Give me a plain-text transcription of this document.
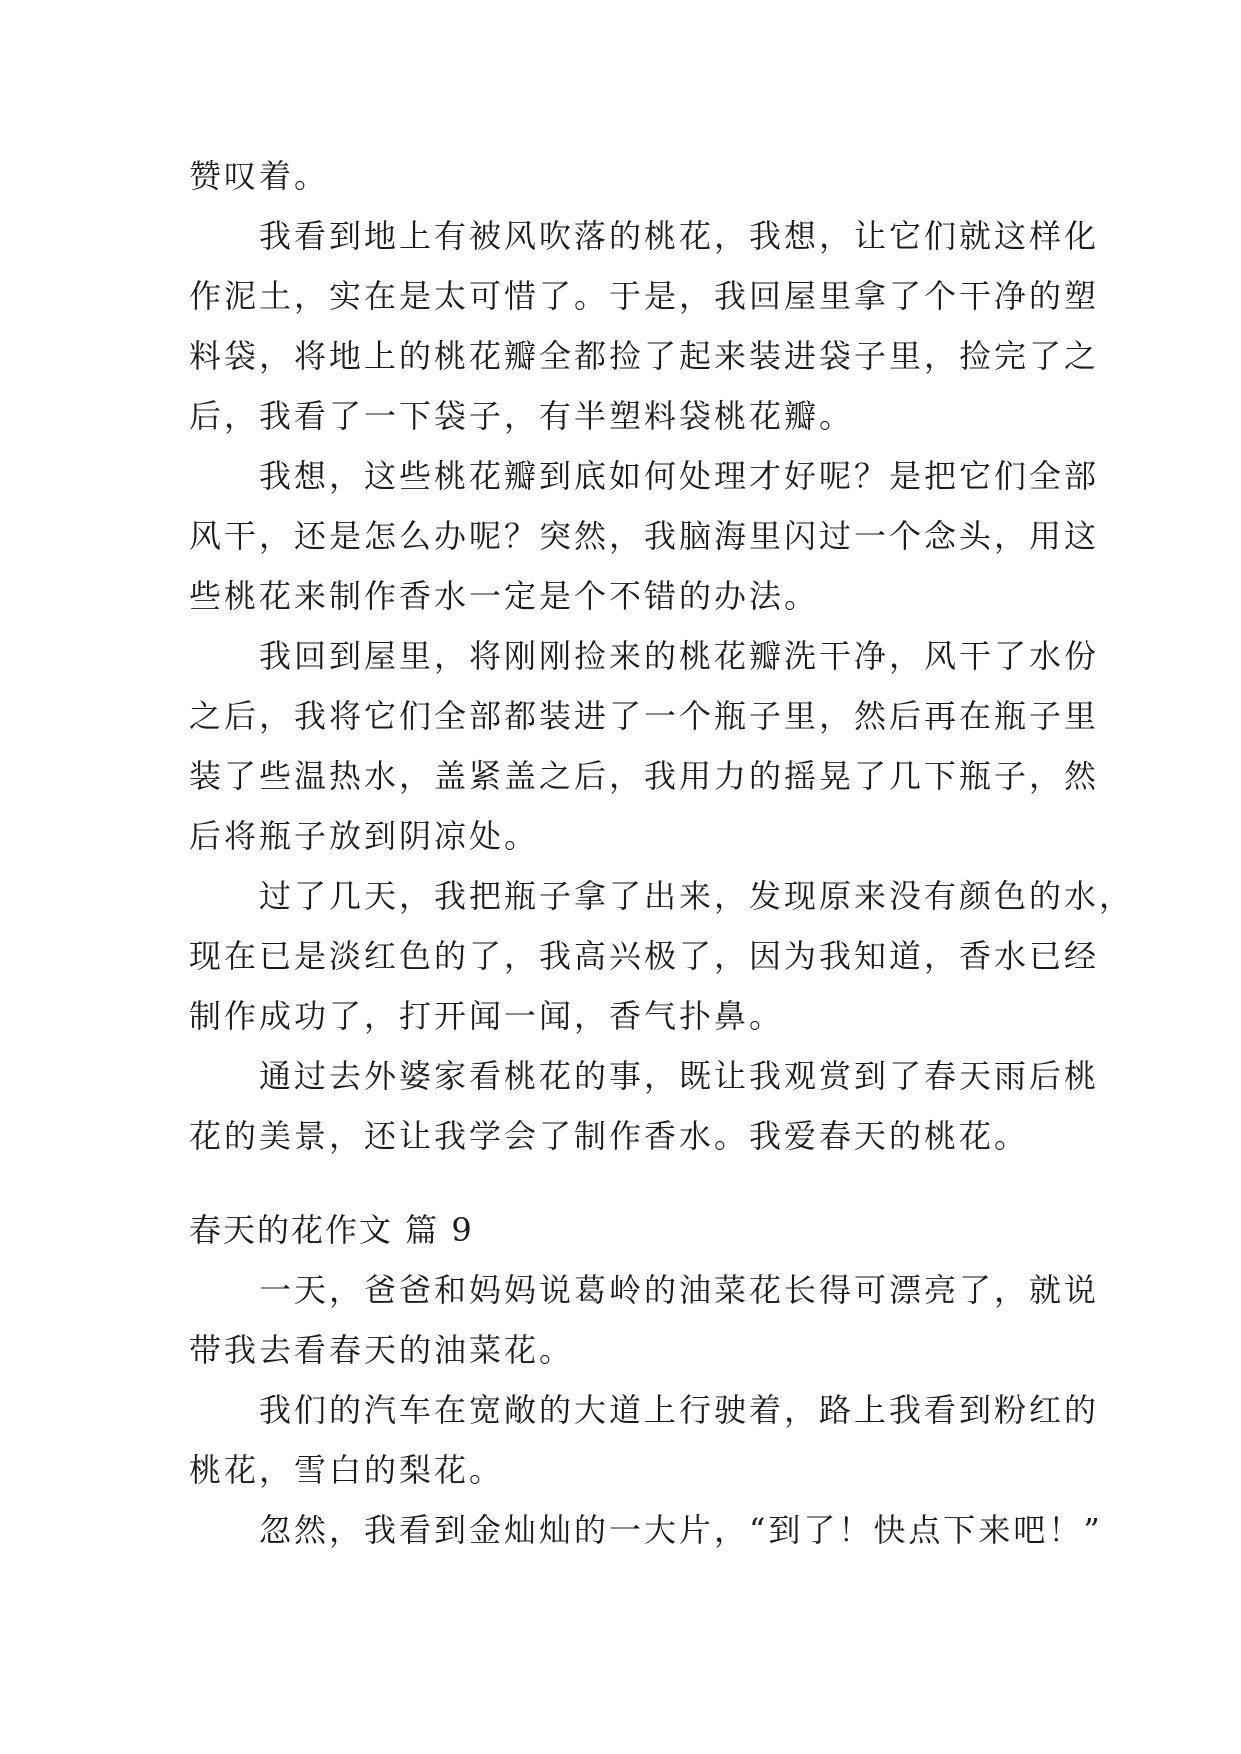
赞叹着。
我看到地上有被风吹落的桃花，我想，让它们就这样化
作泥土，实在是太可惜了。于是，我回屋里拿了个干净的塑
料袋，将地上的桃花瓣全都捡了起来装进袋子里，捡完了之
后，我看了一下袋子，有半塑料袋桃花瓣。
我想，这些桃花瓣到底如何处理才好呢？是把它们全部
风干，还是怎么办呢？突然，我脑海里闪过一个念头，用这
些桃花来制作香水一定是个不错的办法。
我回到屋里，将刚刚捡来的桃花瓣洗干净，风干了水份
之后，我将它们全部都装进了一个瓶子里，然后再在瓶子里
装了些温热水，盖紧盖之后，我用力的摇晃了几下瓶子，然
后将瓶子放到阴凉处。
过了几天，我把瓶子拿了出来，发现原来没有颜色的水，
现在已是淡红色的了，我高兴极了，因为我知道，香水已经
制作成功了，打开闻一闻，香气扑鼻。
通过去外婆家看桃花的事，既让我观赏到了春天雨后桃
花的美景，还让我学会了制作香水。我爱春天的桃花。
春天的花作文 篇 9
一天，爸爸和妈妈说葛岭的油菜花长得可漂亮了，就说
带我去看春天的油菜花。
我们的汽车在宽敞的大道上行驶着，路上我看到粉红的
桃花，雪白的梨花。
忽然，我看到金灿灿的一大片，“到了！快点下来吧！”
